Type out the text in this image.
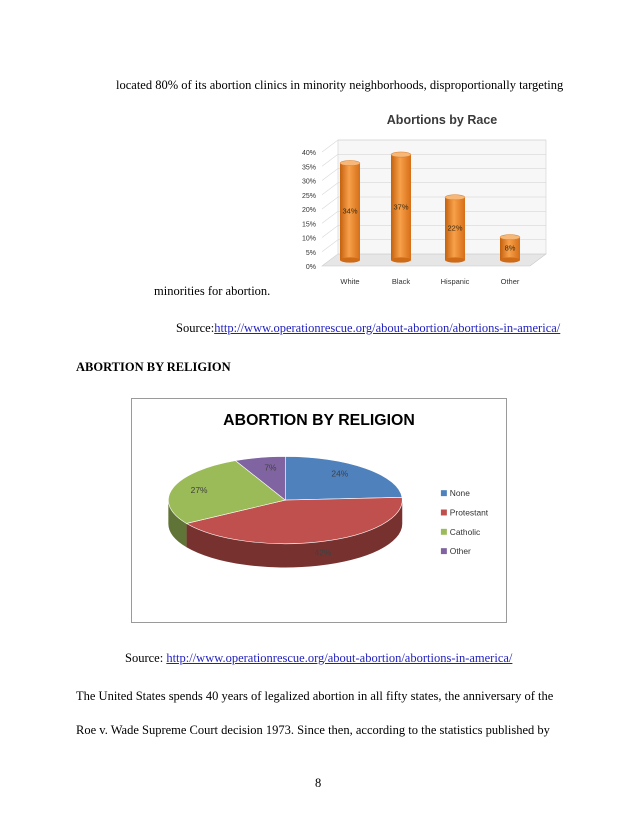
located 80% of its abortion clinics in minority neighborhoods, disproportionally targeting
Abortions by Race
0%
5%
10%
15%
20%
25%
30%
35%
40%
34%	37%
22%
8%
White	Black	Hispanic	Other
minorities for abortion.
Source:http://www.operationrescue.org/about-abortion/abortions-in-america/
ABORTION BY RELIGION
ABORTION BY RELIGION
24%
42%
27%
7%
None
Protestant
Catholic
Other
Source: http://www.operationrescue.org/about-abortion/abortions-in-america/
The United States spends 40 years of legalized abortion in all fifty states, the anniversary of the
Roe v. Wade Supreme Court decision 1973. Since then, according to the statistics published by
8
